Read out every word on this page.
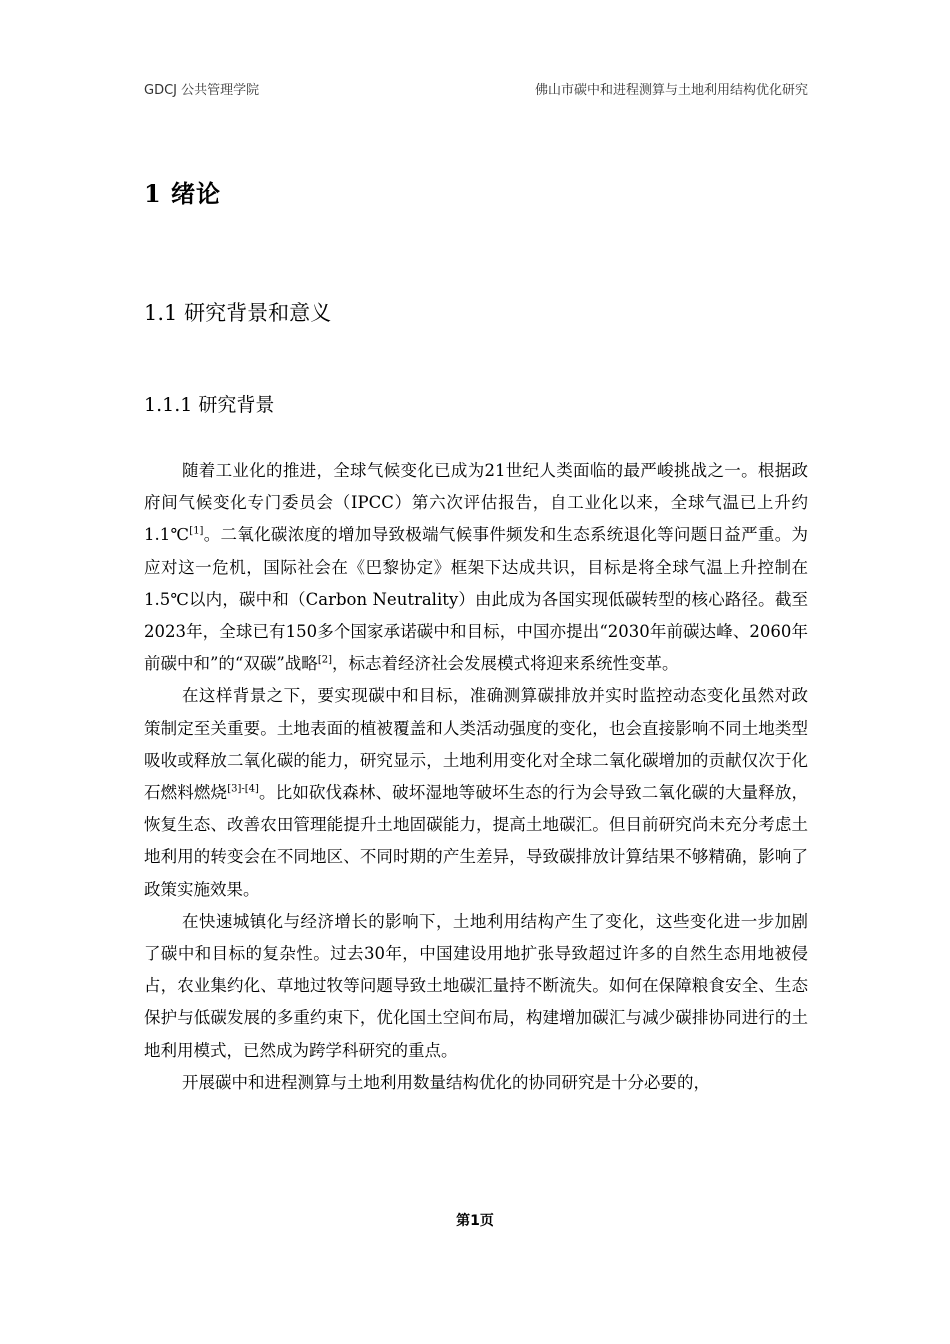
GDCJ 公共管理学院	佛山市碳中和进程测算与土地利用结构优化研究
1 绪论
1.1 研究背景和意义
1.1.1 研究背景

随着工业化的推进，全球气候变化已成为21世纪人类面临的最严峻挑战之一。根据政府间气候变化专门委员会（IPCC）第六次评估报告，自工业化以来，全球气温已上升约1.1℃[1]。二氧化碳浓度的增加导致极端气候事件频发和生态系统退化等问题日益严重。为应对这一危机，国际社会在《巴黎协定》框架下达成共识，目标是将全球气温上升控制在1.5℃以内，碳中和（Carbon Neutrality）由此成为各国实现低碳转型的核心路径。截至2023年，全球已有150多个国家承诺碳中和目标，中国亦提出“2030年前碳达峰、2060年前碳中和”的“双碳”战略[2]，标志着经济社会发展模式将迎来系统性变革。

在这样背景之下，要实现碳中和目标，准确测算碳排放并实时监控动态变化虽然对政策制定至关重要。土地表面的植被覆盖和人类活动强度的变化，也会直接影响不同土地类型吸收或释放二氧化碳的能力，研究显示，土地利用变化对全球二氧化碳增加的贡献仅次于化石燃料燃烧[3]-[4]。比如砍伐森林、破坏湿地等破坏生态的行为会导致二氧化碳的大量释放，恢复生态、改善农田管理能提升土地固碳能力，提高土地碳汇。但目前研究尚未充分考虑土地利用的转变会在不同地区、不同时期的产生差异，导致碳排放计算结果不够精确，影响了政策实施效果。

在快速城镇化与经济增长的影响下，土地利用结构产生了变化，这些变化进一步加剧了碳中和目标的复杂性。过去30年，中国建设用地扩张导致超过许多的自然生态用地被侵占，农业集约化、草地过牧等问题导致土地碳汇量持不断流失。如何在保障粮食安全、生态保护与低碳发展的多重约束下，优化国土空间布局，构建增加碳汇与减少碳排协同进行的土地利用模式，已然成为跨学科研究的重点。

开展碳中和进程测算与土地利用数量结构优化的协同研究是十分必要的，

第1页
